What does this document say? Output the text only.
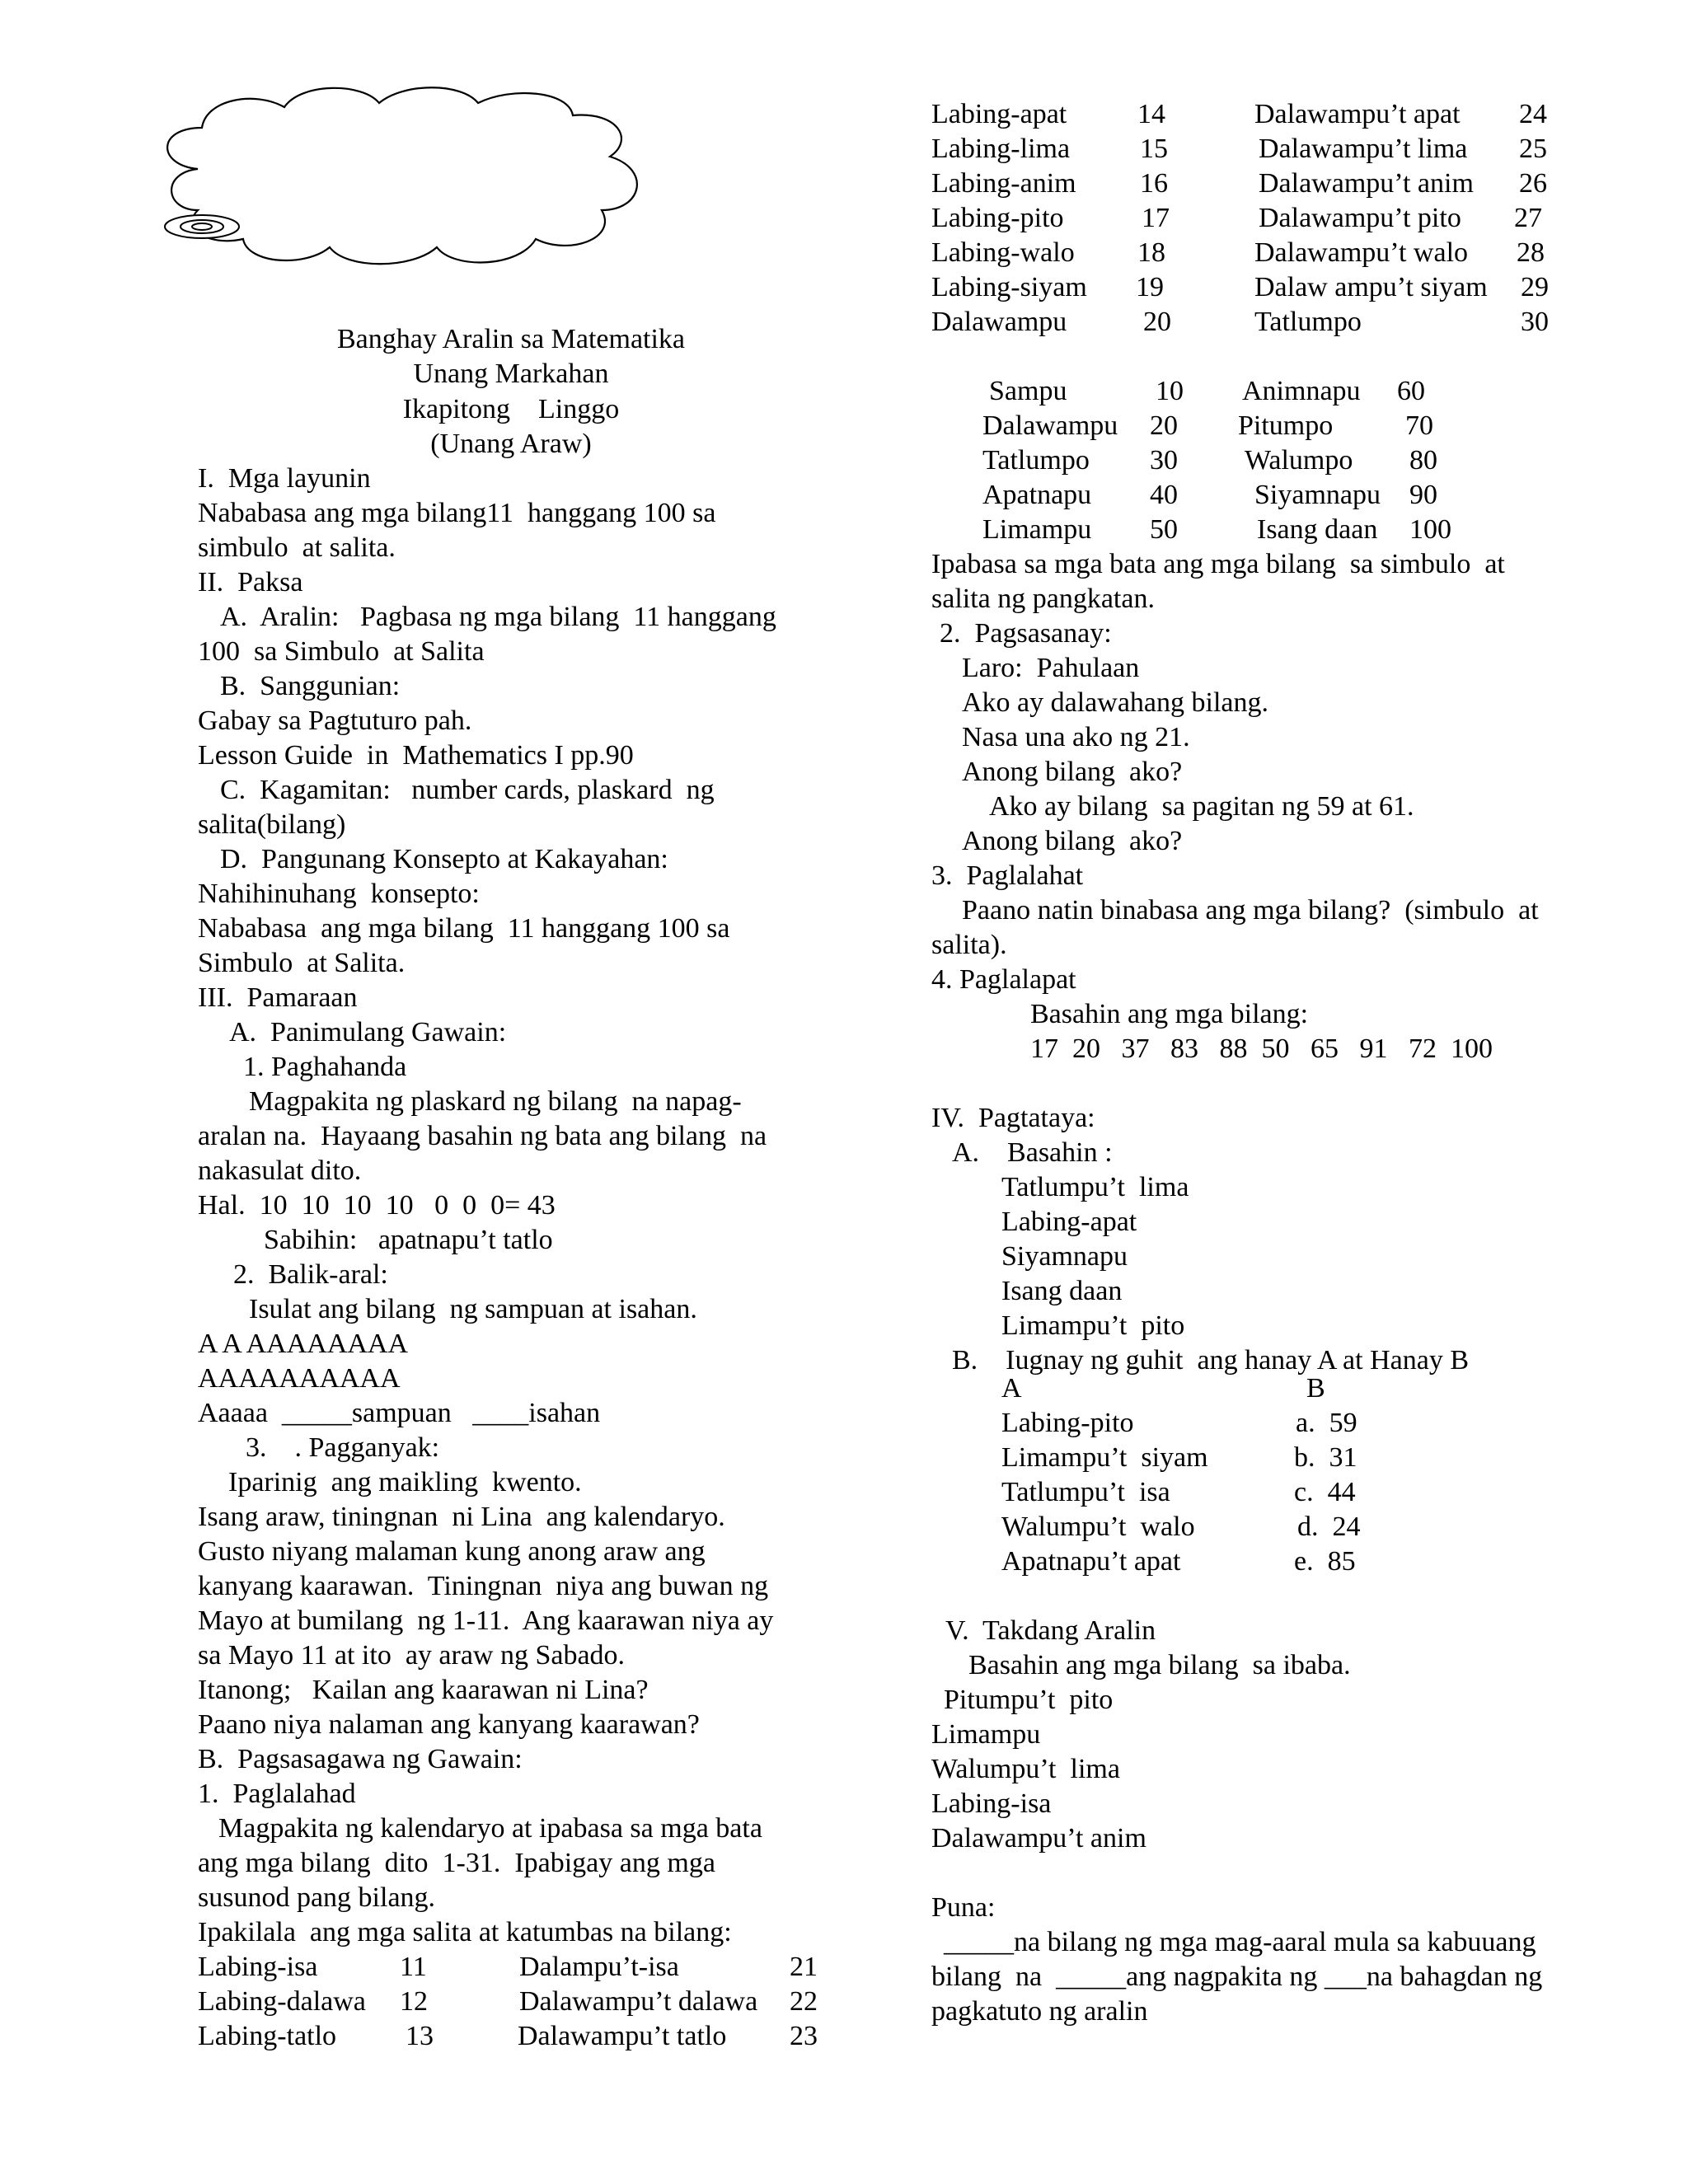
Banghay Aralin sa Matematika
Unang Markahan
Ikapitong    Linggo
(Unang Araw)
I.  Mga layunin
Nababasa ang mga bilang11  hanggang 100 sa
simbulo  at salita.
II.  Paksa
A.  Aralin:   Pagbasa ng mga bilang  11 hanggang
100  sa Simbulo  at Salita
B.  Sanggunian:
Gabay sa Pagtuturo pah.
Lesson Guide  in  Mathematics I pp.90
C.  Kagamitan:   number cards, plaskard  ng
salita(bilang)
D.  Pangunang Konsepto at Kakayahan:
Nahihinuhang  konsepto:
Nababasa  ang mga bilang  11 hanggang 100 sa
Simbulo  at Salita.
III.  Pamaraan
A.  Panimulang Gawain:
1. Paghahanda
Magpakita ng plaskard ng bilang  na napag-
aralan na.  Hayaang basahin ng bata ang bilang  na
nakasulat dito.
Hal.  10  10  10  10   0  0  0= 43
Sabihin:   apatnapu’t tatlo
2.  Balik-aral:
Isulat ang bilang  ng sampuan at isahan.
A A AAAAAAAA
AAAAAAAAAA
Aaaaa  _____sampuan   ____isahan
3.    . Pagganyak:
Iparinig  ang maikling  kwento.
Isang araw, tiningnan  ni Lina  ang kalendaryo.
Gusto niyang malaman kung anong araw ang
kanyang kaarawan.  Tiningnan  niya ang buwan ng
Mayo at bumilang  ng 1-11.  Ang kaarawan niya ay
sa Mayo 11 at ito  ay araw ng Sabado.
Itanong;   Kailan ang kaarawan ni Lina?
Paano niya nalaman ang kanyang kaarawan?
B.  Pagsasagawa ng Gawain:
1.  Paglalahad
Magpakita ng kalendaryo at ipabasa sa mga bata
ang mga bilang  dito  1-31.  Ipabigay ang mga
susunod pang bilang.
Ipakilala  ang mga salita at katumbas na bilang:
Labing-isa	11	Dalampu’t-isa	21
Labing-dalawa 12	Dalawampu’t dalawa 22
Labing-tatlo 13	Dalawampu’t tatlo 23
Labing-apat	14	Dalawampu’t apat 24
Labing-lima 15	Dalawampu’t lima 25
Labing-anim 16	Dalawampu’t anim 26
Labing-pito	17	Dalawampu’t pito 27
Labing-walo 18	Dalawampu’t walo 28
Labing-siyam 19	Dalaw ampu’t siyam 29
Dalawampu	20	Tatlumpo	30
Sampu	10 Animnapu 60
Dalawampu 20 Pitumpo	70
Tatlumpo 30 Walumpo 80
Apatnapu 40	Siyamnapu 90
Limampu 50	Isang daan 100
Ipabasa sa mga bata ang mga bilang  sa simbulo  at
salita ng pangkatan.
2.  Pagsasanay:
Laro:  Pahulaan
Ako ay dalawahang bilang.
Nasa una ako ng 21.
Anong bilang  ako?
Ako ay bilang  sa pagitan ng 59 at 61.
Anong bilang  ako?
3.  Paglalahat
Paano natin binabasa ang mga bilang?  (simbulo  at
salita).
4. Paglalapat
Basahin ang mga bilang:
17  20   37   83   88  50   65   91   72  100
IV.  Pagtataya:
A.    Basahin :
Tatlumpu’t  lima
Labing-apat
Siyamnapu
Isang daan
Limampu’t  pito
B.    Iugnay ng guhit  ang hanay A at Hanay B
A	B
Labing-pito	a.  59
Limampu’t  siyam	b.  31
Tatlumpu’t  isa	c.  44
Walumpu’t  walo	d.  24
Apatnapu’t apat	e.  85
V.  Takdang Aralin
Basahin ang mga bilang  sa ibaba.
Pitumpu’t  pito
Limampu
Walumpu’t  lima
Labing-isa
Dalawampu’t anim
Puna:
_____na bilang ng mga mag-aaral mula sa kabuuang
bilang  na  _____ang nagpakita ng ___na bahagdan ng
pagkatuto ng aralin
